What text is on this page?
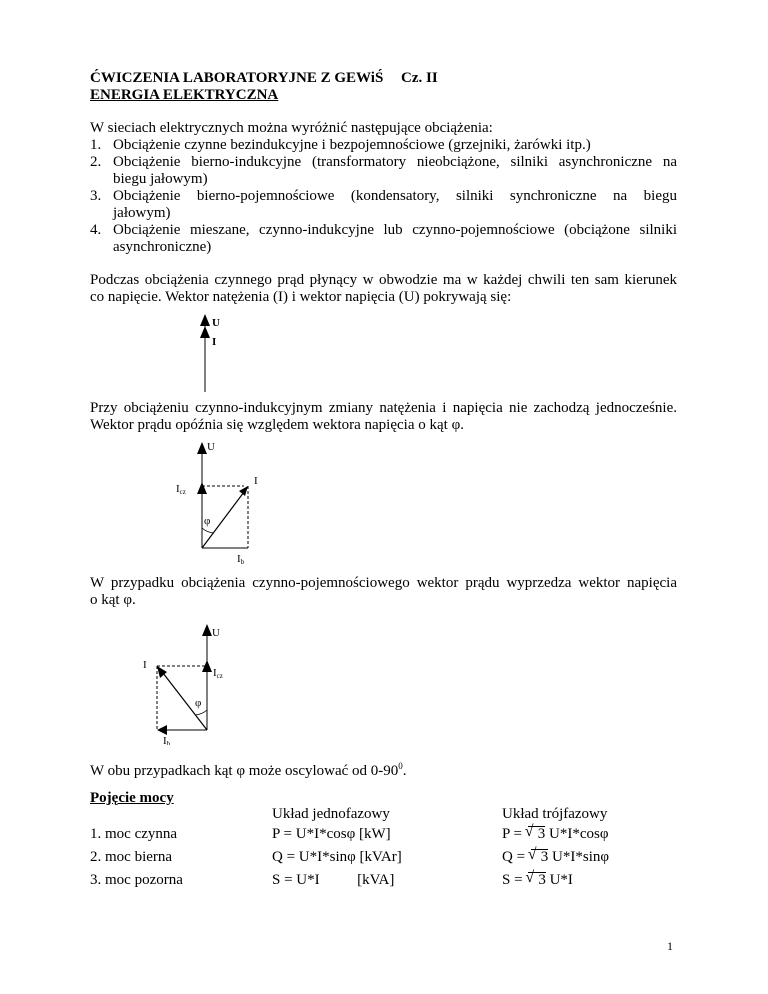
ĆWICZENIA LABORATORYJNE Z GEWiŚ Cz. II
ENERGIA ELEKTRYCZNA
W sieciach elektrycznych można wyróżnić następujące obciążenia:
1. Obciążenie czynne bezindukcyjne i bezpojemnościowe (grzejniki, żarówki itp.)
2. Obciążenie bierno-indukcyjne (transformatory nieobciążone, silniki asynchroniczne na
biegu jałowym)
3. Obciążenie bierno-pojemnościowe (kondensatory, silniki synchroniczne na biegu
jałowym)
4. Obciążenie mieszane, czynno-indukcyjne lub czynno-pojemnościowe (obciążone silniki
asynchroniczne)
Podczas obciążenia czynnego prąd płynący w obwodzie ma w każdej chwili ten sam kierunek
co napięcie. Wektor natężenia (I) i wektor napięcia (U) pokrywają się:
U
I
Przy obciążeniu czynno-indukcyjnym zmiany natężenia i napięcia nie zachodzą jednocześnie.
Wektor prądu opóźnia się względem wektora napięcia o kąt φ.
U
I
Icz
φ
Ib
W przypadku obciążenia czynno-pojemnościowego wektor prądu wyprzedza wektor napięcia
o kąt φ.
U
I
Icz
φ
Ib
W obu przypadkach kąt φ może oscylować od $0-90^0$.
Pojęcie mocy
Układ jednofazowy	Układ trójfazowy
1. moc czynna	P = U*I*cosφ [kW]	P = √ 3 U*I*cosφ
2. moc bierna	Q = U*I*sinφ [kVAr]	Q = √ 3 U*I*sinφ
3. moc pozorna	S = U*I          [kVA]	S = √ 3 U*I
1
